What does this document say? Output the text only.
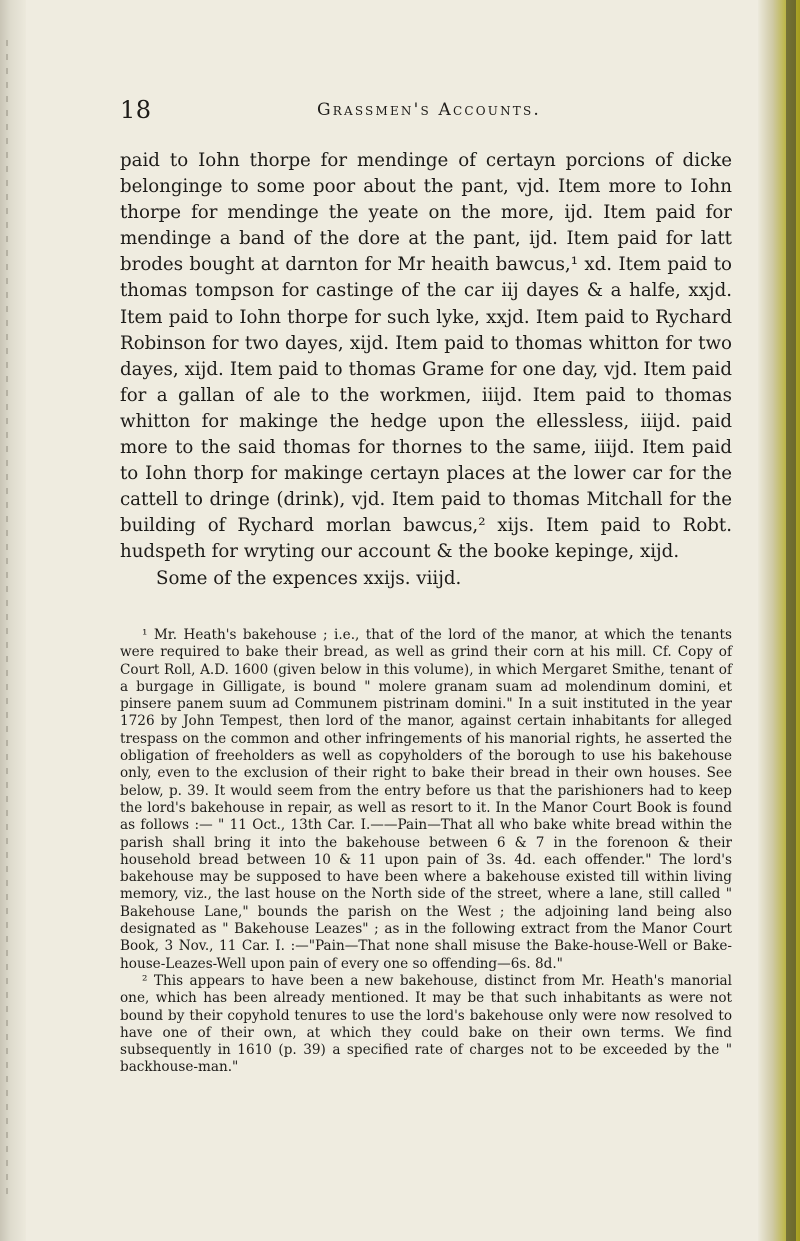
18	Grassmen's Accounts.

paid to Iohn thorpe for mendinge of certayn porcions of dicke belonginge to some poor about the pant, vjd. Item more to Iohn thorpe for mendinge the yeate on the more, ijd. Item paid for mendinge a band of the dore at the pant, ijd. Item paid for latt brodes bought at darnton for Mr heaith bawcus,¹ xd. Item paid to thomas tompson for castinge of the car iij dayes & a halfe, xxjd. Item paid to Iohn thorpe for such lyke, xxjd. Item paid to Rychard Robinson for two dayes, xijd. Item paid to thomas whitton for two dayes, xijd. Item paid to thomas Grame for one day, vjd. Item paid for a gallan of ale to the workmen, iiijd. Item paid to thomas whitton for makinge the hedge upon the ellessless, iiijd. paid more to the said thomas for thornes to the same, iiijd. Item paid to Iohn thorp for makinge certayn places at the lower car for the cattell to dringe (drink), vjd. Item paid to thomas Mitchall for the building of Rychard morlan bawcus,² xijs. Item paid to Robt. hudspeth for wryting our account & the booke kepinge, xijd.

Some of the expences xxijs. viijd.

¹ Mr. Heath's bakehouse ; i.e., that of the lord of the manor, at which the tenants were required to bake their bread, as well as grind their corn at his mill. Cf. Copy of Court Roll, A.D. 1600 (given below in this volume), in which Mergaret Smithe, tenant of a burgage in Gilligate, is bound " molere granam suam ad molendinum domini, et pinsere panem suum ad Communem pistrinam domini." In a suit instituted in the year 1726 by John Tempest, then lord of the manor, against certain inhabitants for alleged trespass on the common and other infringements of his manorial rights, he asserted the obligation of freeholders as well as copyholders of the borough to use his bakehouse only, even to the exclusion of their right to bake their bread in their own houses. See below, p. 39. It would seem from the entry before us that the parishioners had to keep the lord's bakehouse in repair, as well as resort to it. In the Manor Court Book is found as follows :— " 11 Oct., 13th Car. I.——Pain—That all who bake white bread within the parish shall bring it into the bakehouse between 6 & 7 in the forenoon & their household bread between 10 & 11 upon pain of 3s. 4d. each offender." The lord's bakehouse may be supposed to have been where a bakehouse existed till within living memory, viz., the last house on the North side of the street, where a lane, still called " Bakehouse Lane," bounds the parish on the West ; the adjoining land being also designated as " Bakehouse Leazes" ; as in the following extract from the Manor Court Book, 3 Nov., 11 Car. I. :—"Pain—That none shall misuse the Bake-house-Well or Bake-house-Leazes-Well upon pain of every one so offending—6s. 8d."

² This appears to have been a new bakehouse, distinct from Mr. Heath's manorial one, which has been already mentioned. It may be that such inhabitants as were not bound by their copyhold tenures to use the lord's bakehouse only were now resolved to have one of their own, at which they could bake on their own terms. We find subsequently in 1610 (p. 39) a specified rate of charges not to be exceeded by the " backhouse-man."
